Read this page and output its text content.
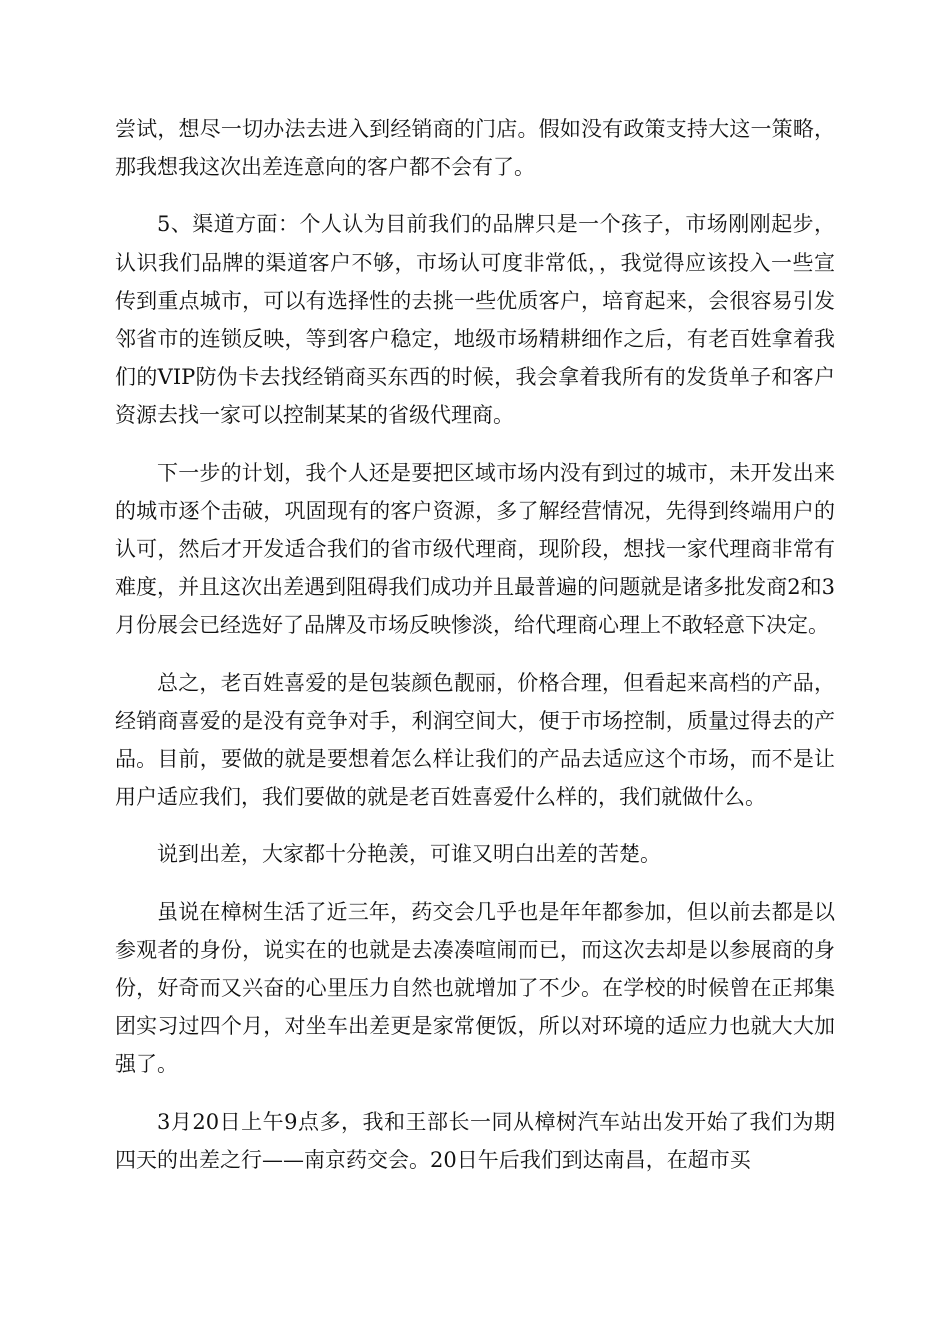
尝试，想尽一切办法去进入到经销商的门店。假如没有政策支持大这一策略，那我想我这次出差连意向的客户都不会有了。

5、渠道方面：个人认为目前我们的品牌只是一个孩子，市场刚刚起步，认识我们品牌的渠道客户不够，市场认可度非常低，，我觉得应该投入一些宣传到重点城市，可以有选择性的去挑一些优质客户，培育起来，会很容易引发邻省市的连锁反映，等到客户稳定，地级市场精耕细作之后，有老百姓拿着我们的VIP防伪卡去找经销商买东西的时候，我会拿着我所有的发货单子和客户资源去找一家可以控制某某的省级代理商。

下一步的计划，我个人还是要把区域市场内没有到过的城市，未开发出来的城市逐个击破，巩固现有的客户资源，多了解经营情况，先得到终端用户的认可，然后才开发适合我们的省市级代理商，现阶段，想找一家代理商非常有难度，并且这次出差遇到阻碍我们成功并且最普遍的问题就是诸多批发商2和3月份展会已经选好了品牌及市场反映惨淡，给代理商心理上不敢轻意下决定。

总之，老百姓喜爱的是包装颜色靓丽，价格合理，但看起来高档的产品，经销商喜爱的是没有竞争对手，利润空间大，便于市场控制，质量过得去的产品。目前，要做的就是要想着怎么样让我们的产品去适应这个市场，而不是让用户适应我们，我们要做的就是老百姓喜爱什么样的，我们就做什么。

说到出差，大家都十分艳羡，可谁又明白出差的苦楚。

虽说在樟树生活了近三年，药交会几乎也是年年都参加，但以前去都是以参观者的身份，说实在的也就是去凑凑喧闹而已，而这次去却是以参展商的身份，好奇而又兴奋的心里压力自然也就增加了不少。在学校的时候曾在正邦集团实习过四个月，对坐车出差更是家常便饭，所以对环境的适应力也就大大加强了。

3月20日上午9点多，我和王部长一同从樟树汽车站出发开始了我们为期四天的出差之行——南京药交会。20日午后我们到达南昌，在超市买
